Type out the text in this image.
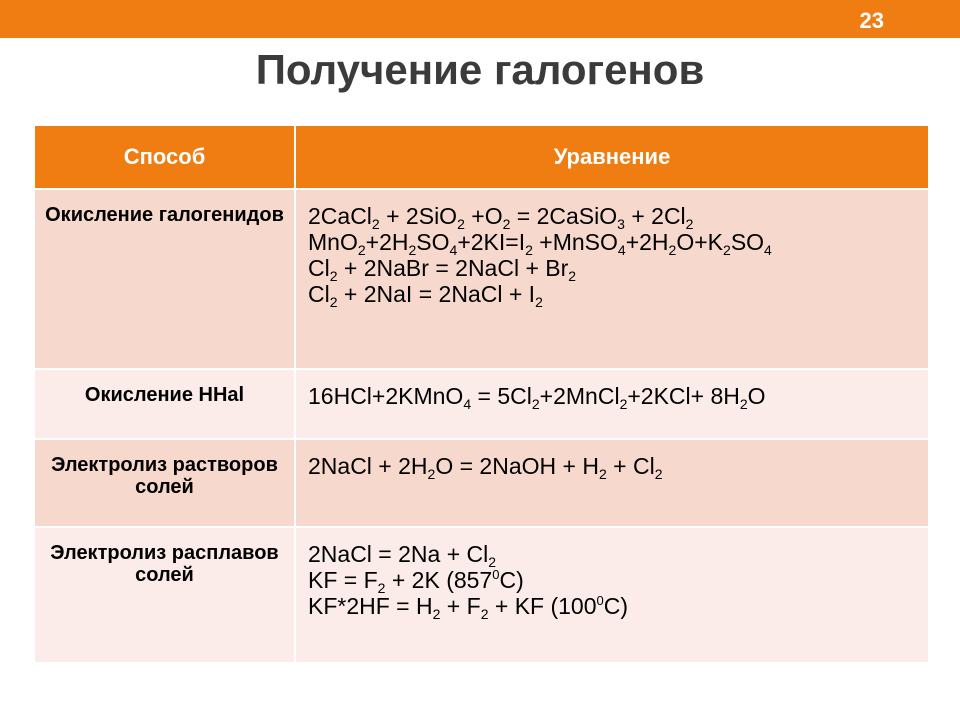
23
Получение галогенов
Способ	Уравнение
Окисление галогенидов	2CaCl$_2$ + $2SiO_2 +O_2$ = 2CaSiO$_3$ + $2Cl_2$
$MnO_2+2H_2SO_4+2KI=I_2$ $+MnSO_4+2H_2O+K_2SO_4$
$Cl_2$ + 2NaBr = 2NaCl + $Br_2$
$Cl_2 + 2NaI$ = 2NaCl + $I_2$

Окисление HHal	16HCl+2KMnO$_4$ = $5Cl_2+2MnCl_2+2KCl+ 8H_2O$

Электролиз растворов солей	2NaCl + $2H_2O$ = 2NaOH + $H_2 + Cl_2$

Электролиз расплавов солей	2NaCl = $2Na + Cl_2$
KF = $F_2 + 2K$ $(857^0C)$
$KF*2HF = H_2 + F_2$ + KF $(100^0C)$
